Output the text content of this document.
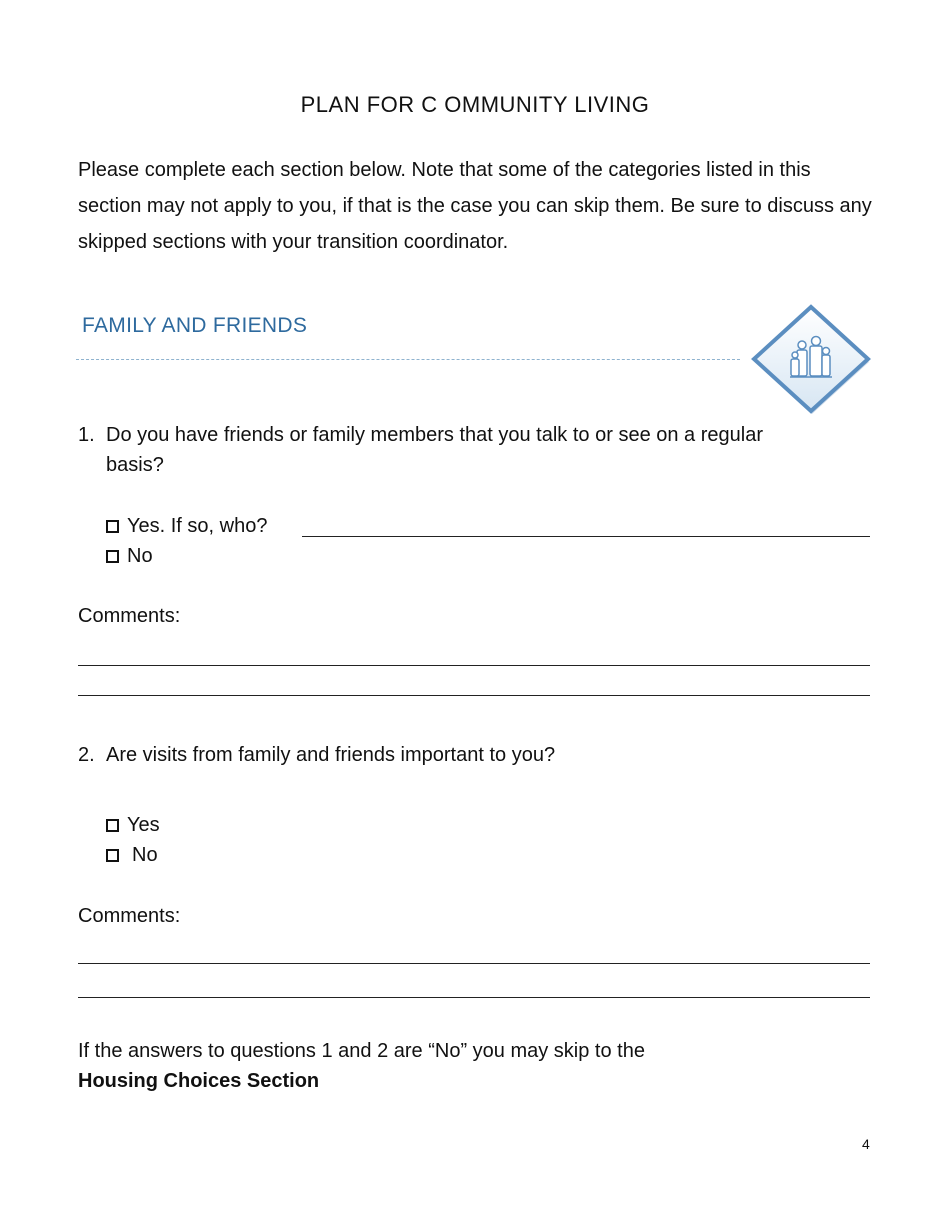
PLAN FOR C OMMUNITY LIVING
Please complete each section below. Note that some of the categories listed in this section may not apply to you, if that is the case you can skip them. Be sure to discuss any skipped sections with your transition coordinator.
FAMILY AND FRIENDS
1. Do you have friends or family members that you talk to or see on a regular
basis?
Yes. If so, who?
No
Comments:
2. Are visits from family and friends important to you?
Yes
No
Comments:
If the answers to questions 1 and 2 are “No” you may skip to the
Housing Choices Section
4
